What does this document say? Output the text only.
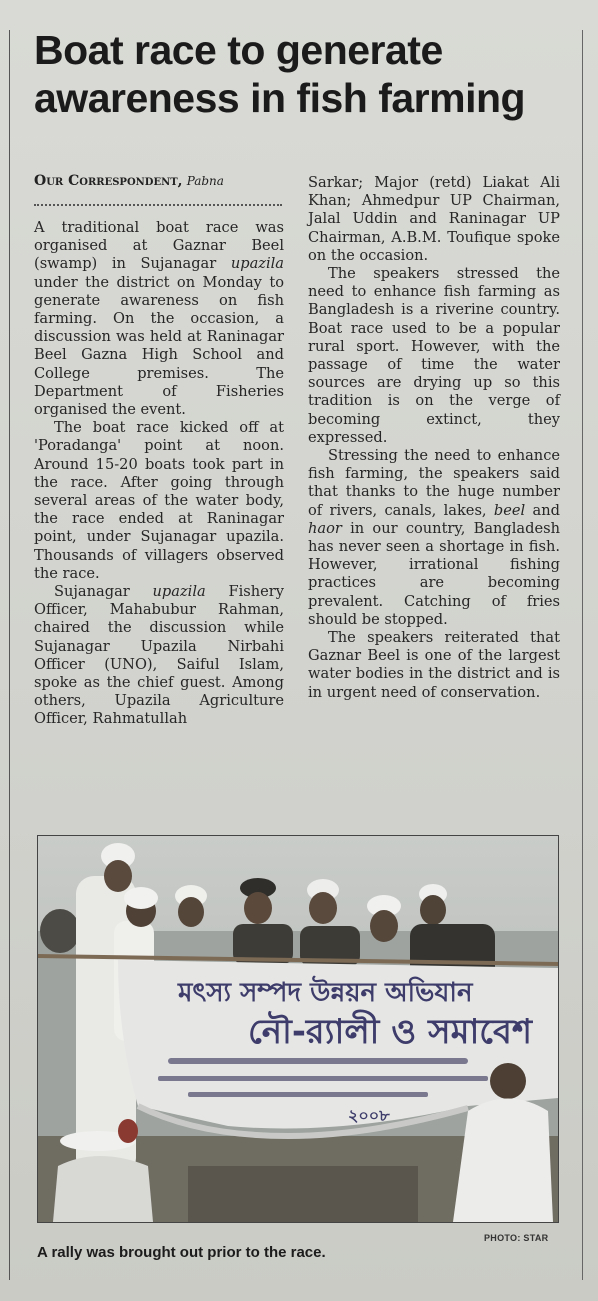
Boat race to generate awareness in fish farming
Our Correspondent, Pabna

A traditional boat race was organised at Gaznar Beel (swamp) in Sujanagar upazila under the district on Monday to generate awareness on fish farming. On the occasion, a discussion was held at Raninagar Beel Gazna High School and College premises. The Department of Fisheries organised the event.

The boat race kicked off at 'Poradanga' point at noon. Around 15-20 boats took part in the race. After going through several areas of the water body, the race ended at Raninagar point, under Sujanagar upazila. Thousands of villagers observed the race.

Sujanagar upazila Fishery Officer, Mahabubur Rahman, chaired the discussion while Sujanagar Upazila Nirbahi Officer (UNO), Saiful Islam, spoke as the chief guest. Among others, Upazila Agriculture Officer, Rahmatullah

Sarkar; Major (retd) Liakat Ali Khan; Ahmedpur UP Chairman, Jalal Uddin and Raninagar UP Chairman, A.B.M. Toufique spoke on the occasion.

The speakers stressed the need to enhance fish farming as Bangladesh is a riverine country. Boat race used to be a popular rural sport. However, with the passage of time the water sources are drying up so this tradition is on the verge of becoming extinct, they expressed.

Stressing the need to enhance fish farming, the speakers said that thanks to the huge number of rivers, canals, lakes, beel and haor in our country, Bangladesh has never seen a shortage in fish. However, irrational fishing practices are becoming prevalent. Catching of fries should be stopped.

The speakers reiterated that Gaznar Beel is one of the largest water bodies in the district and is in urgent need of conservation.

মৎস্য সম্পদ উন্নয়ন অভিযান
নৌ-র‍্যালী ও সমাবেশ
২০০৮
PHOTO: STAR
A rally was brought out prior to the race.
